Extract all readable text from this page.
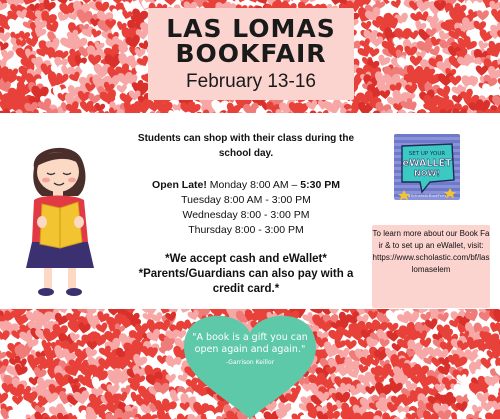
LAS LOMAS
BOOKFAIR
February 13-16
Students can shop with their class during the school day.
Open Late! Monday 8:00 AM – 5:30 PM
Tuesday 8:00 AM - 3:00 PM
Wednesday 8:00 - 3:00 PM
Thursday 8:00 - 3:00 PM
*We accept cash and eWallet*
*Parents/Guardians can also pay with a credit card.*
SET UP YOUR
eWALLET
NOW!
#ScholasticBookFairs
To learn more about our Book Fair & to set up an eWallet, visit:
https://www.scholastic.com/bf/laslomaselem
"A book is a gift you can open again and again."
-Garrison Keillor
